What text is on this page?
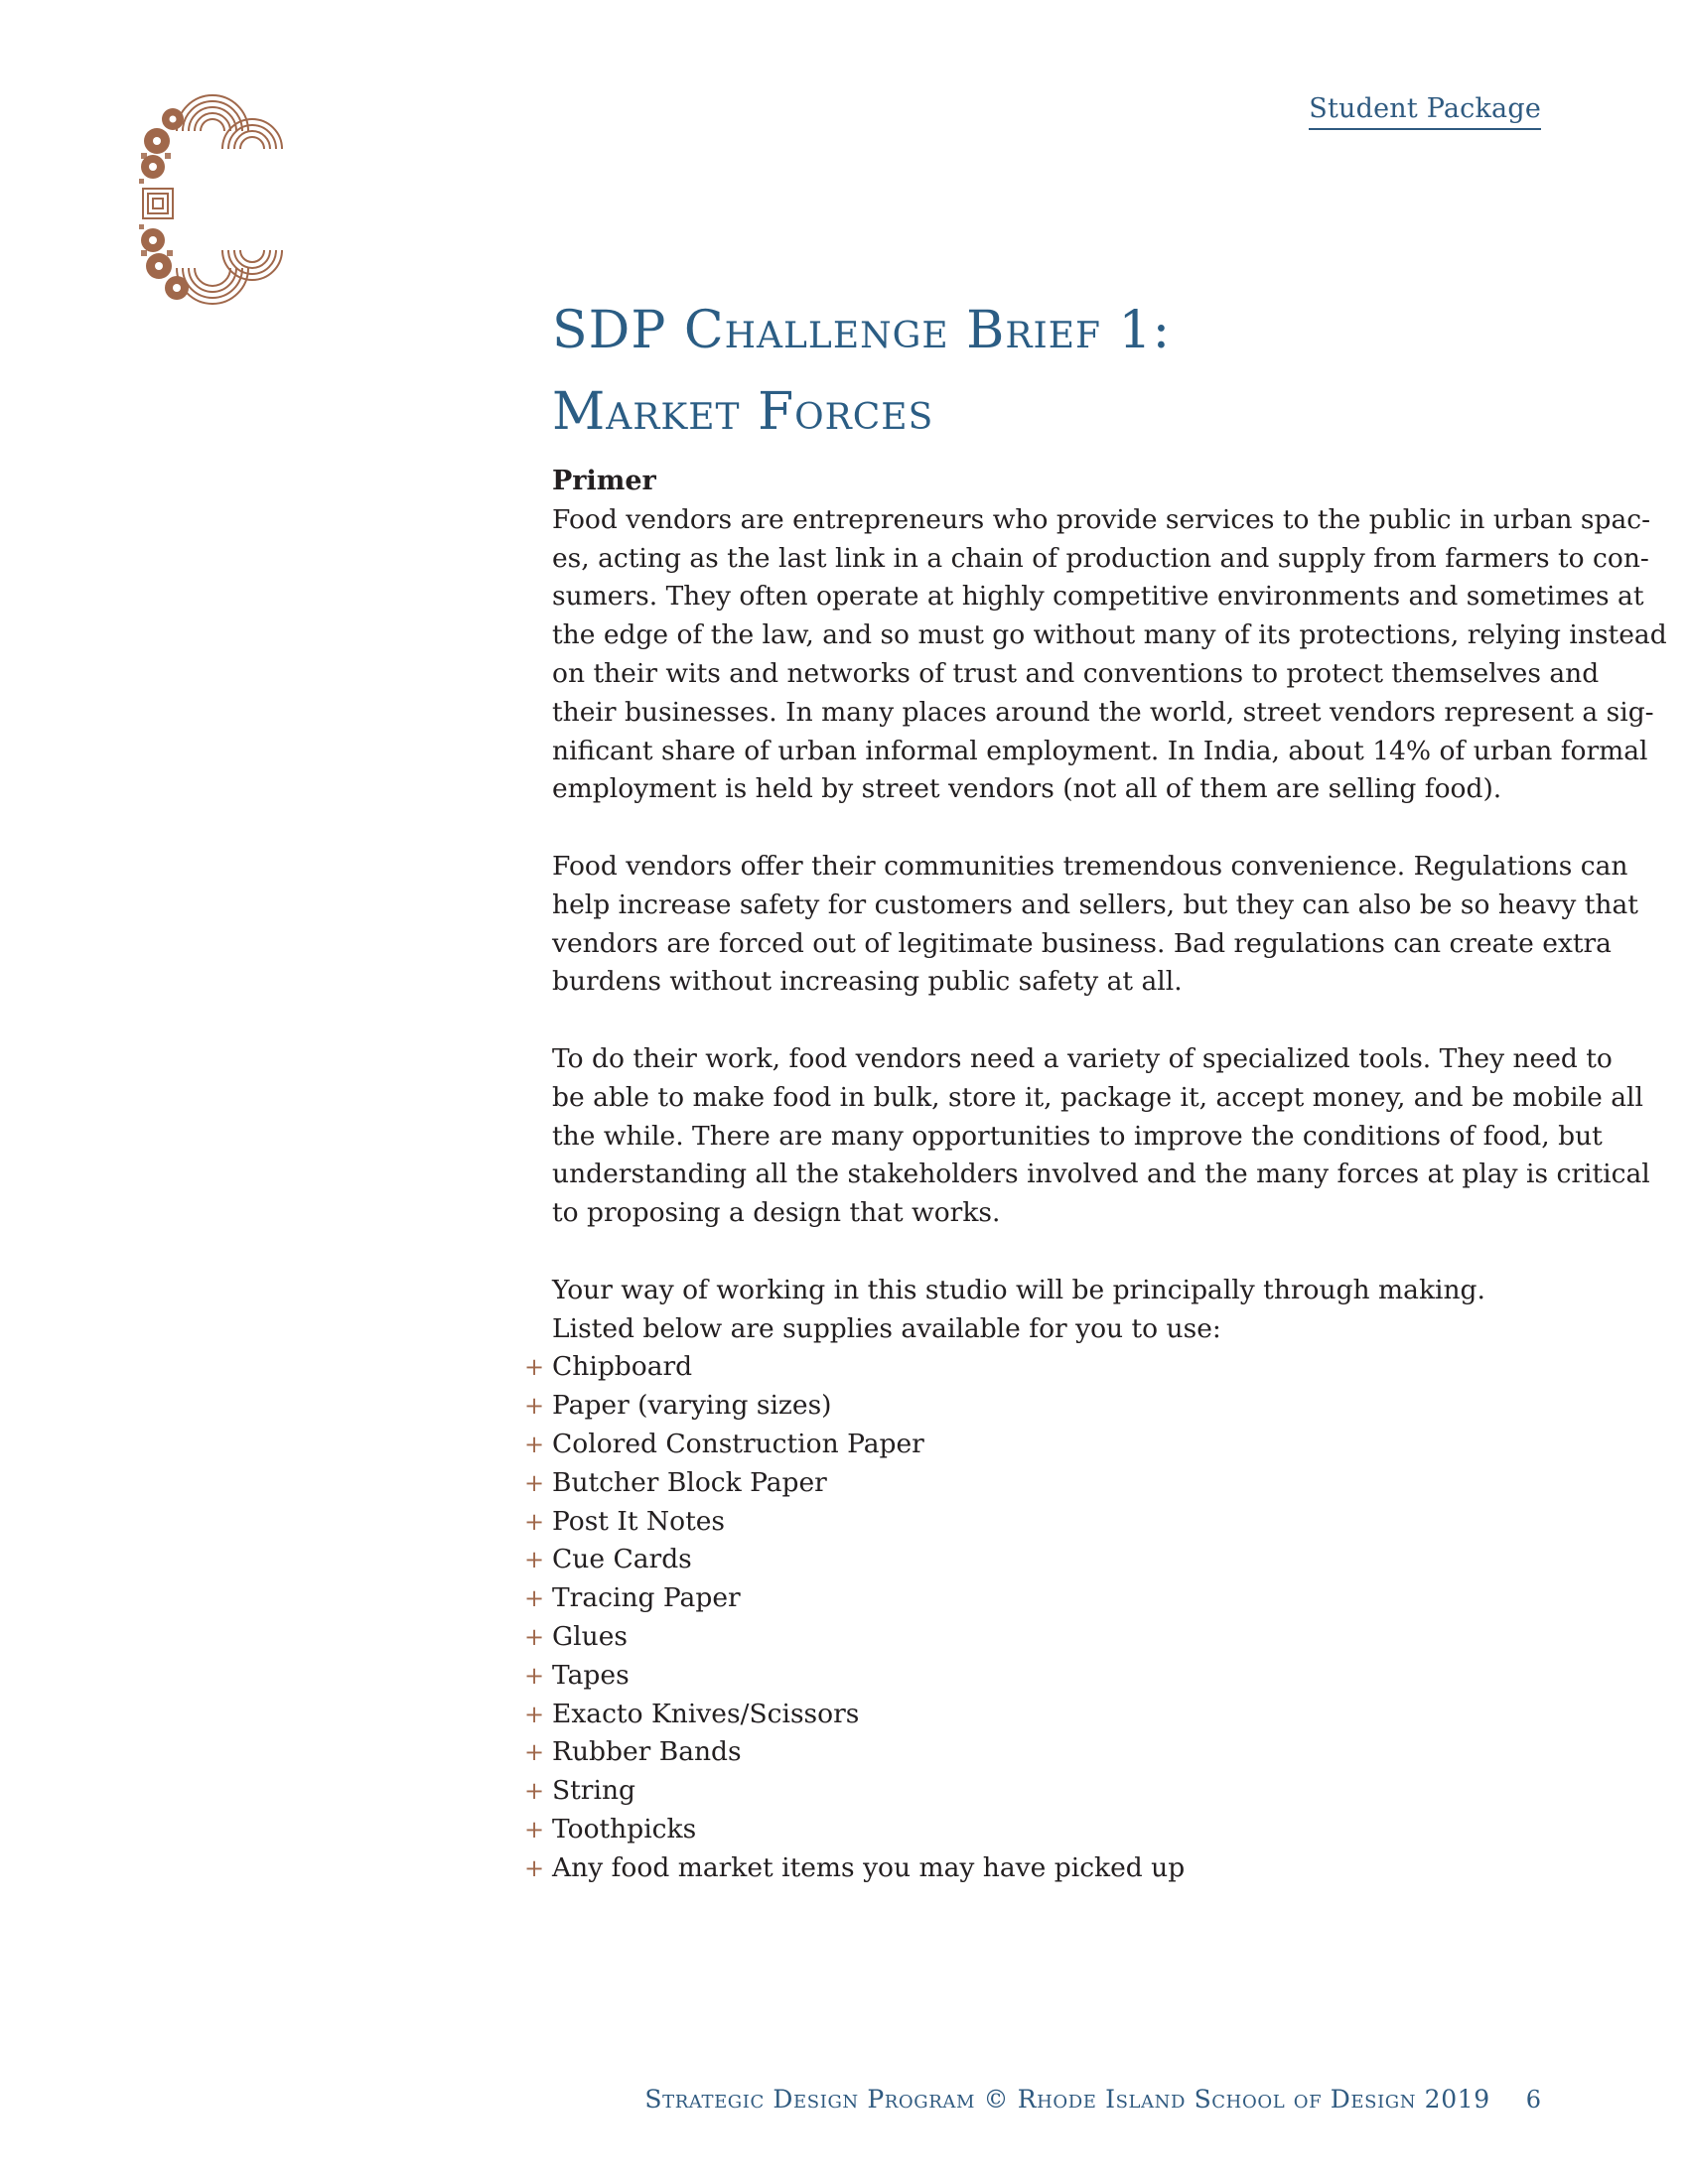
Student Package
SDP Challenge Brief 1:
Market Forces
Primer

Food vendors are entrepreneurs who provide services to the public in urban spac-
es, acting as the last link in a chain of production and supply from farmers to con-
sumers. They often operate at highly competitive environments and sometimes at
the edge of the law, and so must go without many of its protections, relying instead
on their wits and networks of trust and conventions to protect themselves and
their businesses. In many places around the world, street vendors represent a sig-
nificant share of urban informal employment. In India, about 14% of urban formal
employment is held by street vendors (not all of them are selling food).

Food vendors offer their communities tremendous convenience. Regulations can
help increase safety for customers and sellers, but they can also be so heavy that
vendors are forced out of legitimate business. Bad regulations can create extra
burdens without increasing public safety at all.

To do their work, food vendors need a variety of specialized tools. They need to
be able to make food in bulk, store it, package it, accept money, and be mobile all
the while. There are many opportunities to improve the conditions of food, but
understanding all the stakeholders involved and the many forces at play is critical
to proposing a design that works.

Your way of working in this studio will be principally through making.
Listed below are supplies available for you to use:

+ Chipboard
+ Paper (varying sizes)
+ Colored Construction Paper
+ Butcher Block Paper
+ Post It Notes
+ Cue Cards
+ Tracing Paper
+ Glues
+ Tapes
+ Exacto Knives/Scissors
+ Rubber Bands
+ String
+ Toothpicks
+ Any food market items you may have picked up
Strategic Design Program © Rhode Island School of Design 2019 6
